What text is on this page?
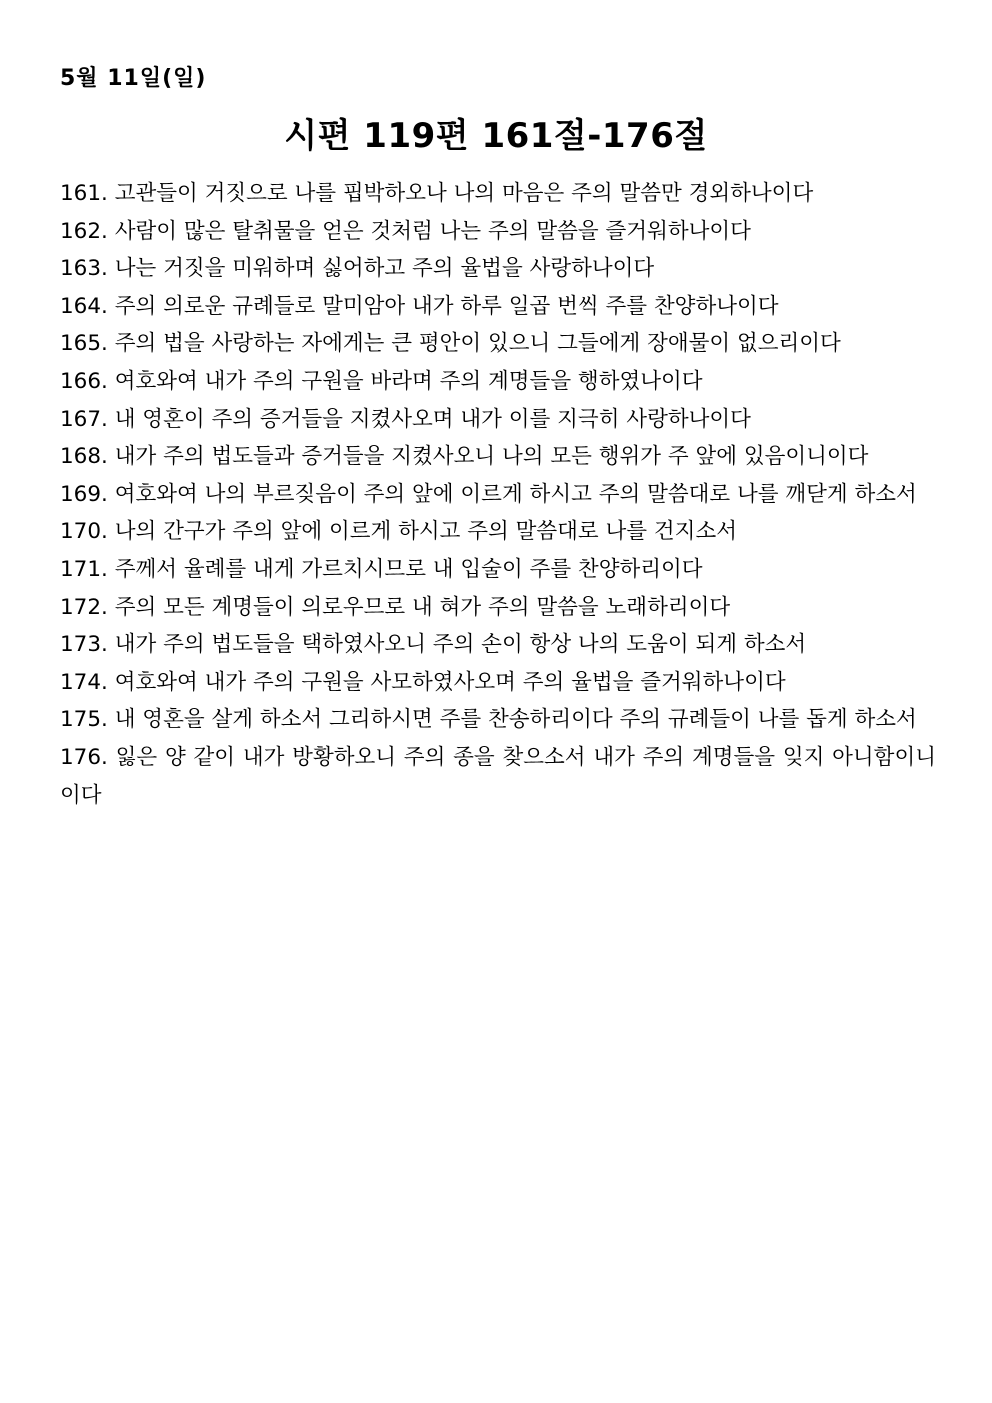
5월 11일(일)
시편 119편 161절-176절
161. 고관들이 거짓으로 나를 핍박하오나 나의 마음은 주의 말씀만 경외하나이다
162. 사람이 많은 탈취물을 얻은 것처럼 나는 주의 말씀을 즐거워하나이다
163. 나는 거짓을 미워하며 싫어하고 주의 율법을 사랑하나이다
164. 주의 의로운 규례들로 말미암아 내가 하루 일곱 번씩 주를 찬양하나이다
165. 주의 법을 사랑하는 자에게는 큰 평안이 있으니 그들에게 장애물이 없으리이다
166. 여호와여 내가 주의 구원을 바라며 주의 계명들을 행하였나이다
167. 내 영혼이 주의 증거들을 지켰사오며 내가 이를 지극히 사랑하나이다
168. 내가 주의 법도들과 증거들을 지켰사오니 나의 모든 행위가 주 앞에 있음이니이다
169. 여호와여 나의 부르짖음이 주의 앞에 이르게 하시고 주의 말씀대로 나를 깨닫게 하소서
170. 나의 간구가 주의 앞에 이르게 하시고 주의 말씀대로 나를 건지소서
171. 주께서 율례를 내게 가르치시므로 내 입술이 주를 찬양하리이다
172. 주의 모든 계명들이 의로우므로 내 혀가 주의 말씀을 노래하리이다
173. 내가 주의 법도들을 택하였사오니 주의 손이 항상 나의 도움이 되게 하소서
174. 여호와여 내가 주의 구원을 사모하였사오며 주의 율법을 즐거워하나이다
175. 내 영혼을 살게 하소서 그리하시면 주를 찬송하리이다 주의 규례들이 나를 돕게 하소서
176. 잃은 양 같이 내가 방황하오니 주의 종을 찾으소서 내가 주의 계명들을 잊지 아니함이니이다
